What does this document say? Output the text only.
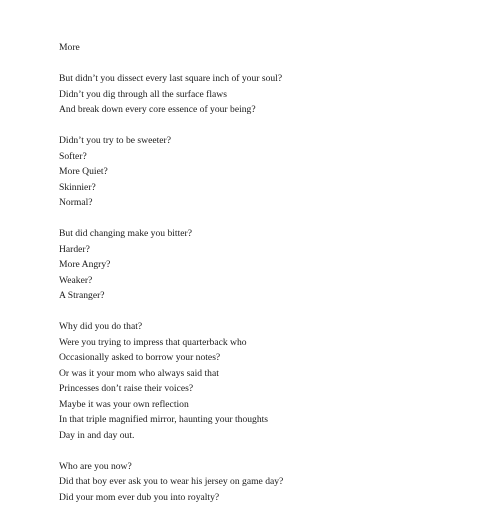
More
But didn’t you dissect every last square inch of your soul?
Didn’t you dig through all the surface flaws
And break down every core essence of your being?
Didn’t you try to be sweeter?
Softer?
More Quiet?
Skinnier?
Normal?
But did changing make you bitter?
Harder?
More Angry?
Weaker?
A Stranger?
Why did you do that?
Were you trying to impress that quarterback who
Occasionally asked to borrow your notes?
Or was it your mom who always said that
Princesses don’t raise their voices?
Maybe it was your own reflection
In that triple magnified mirror, haunting your thoughts
Day in and day out.
Who are you now?
Did that boy ever ask you to wear his jersey on game day?
Did your mom ever dub you into royalty?
